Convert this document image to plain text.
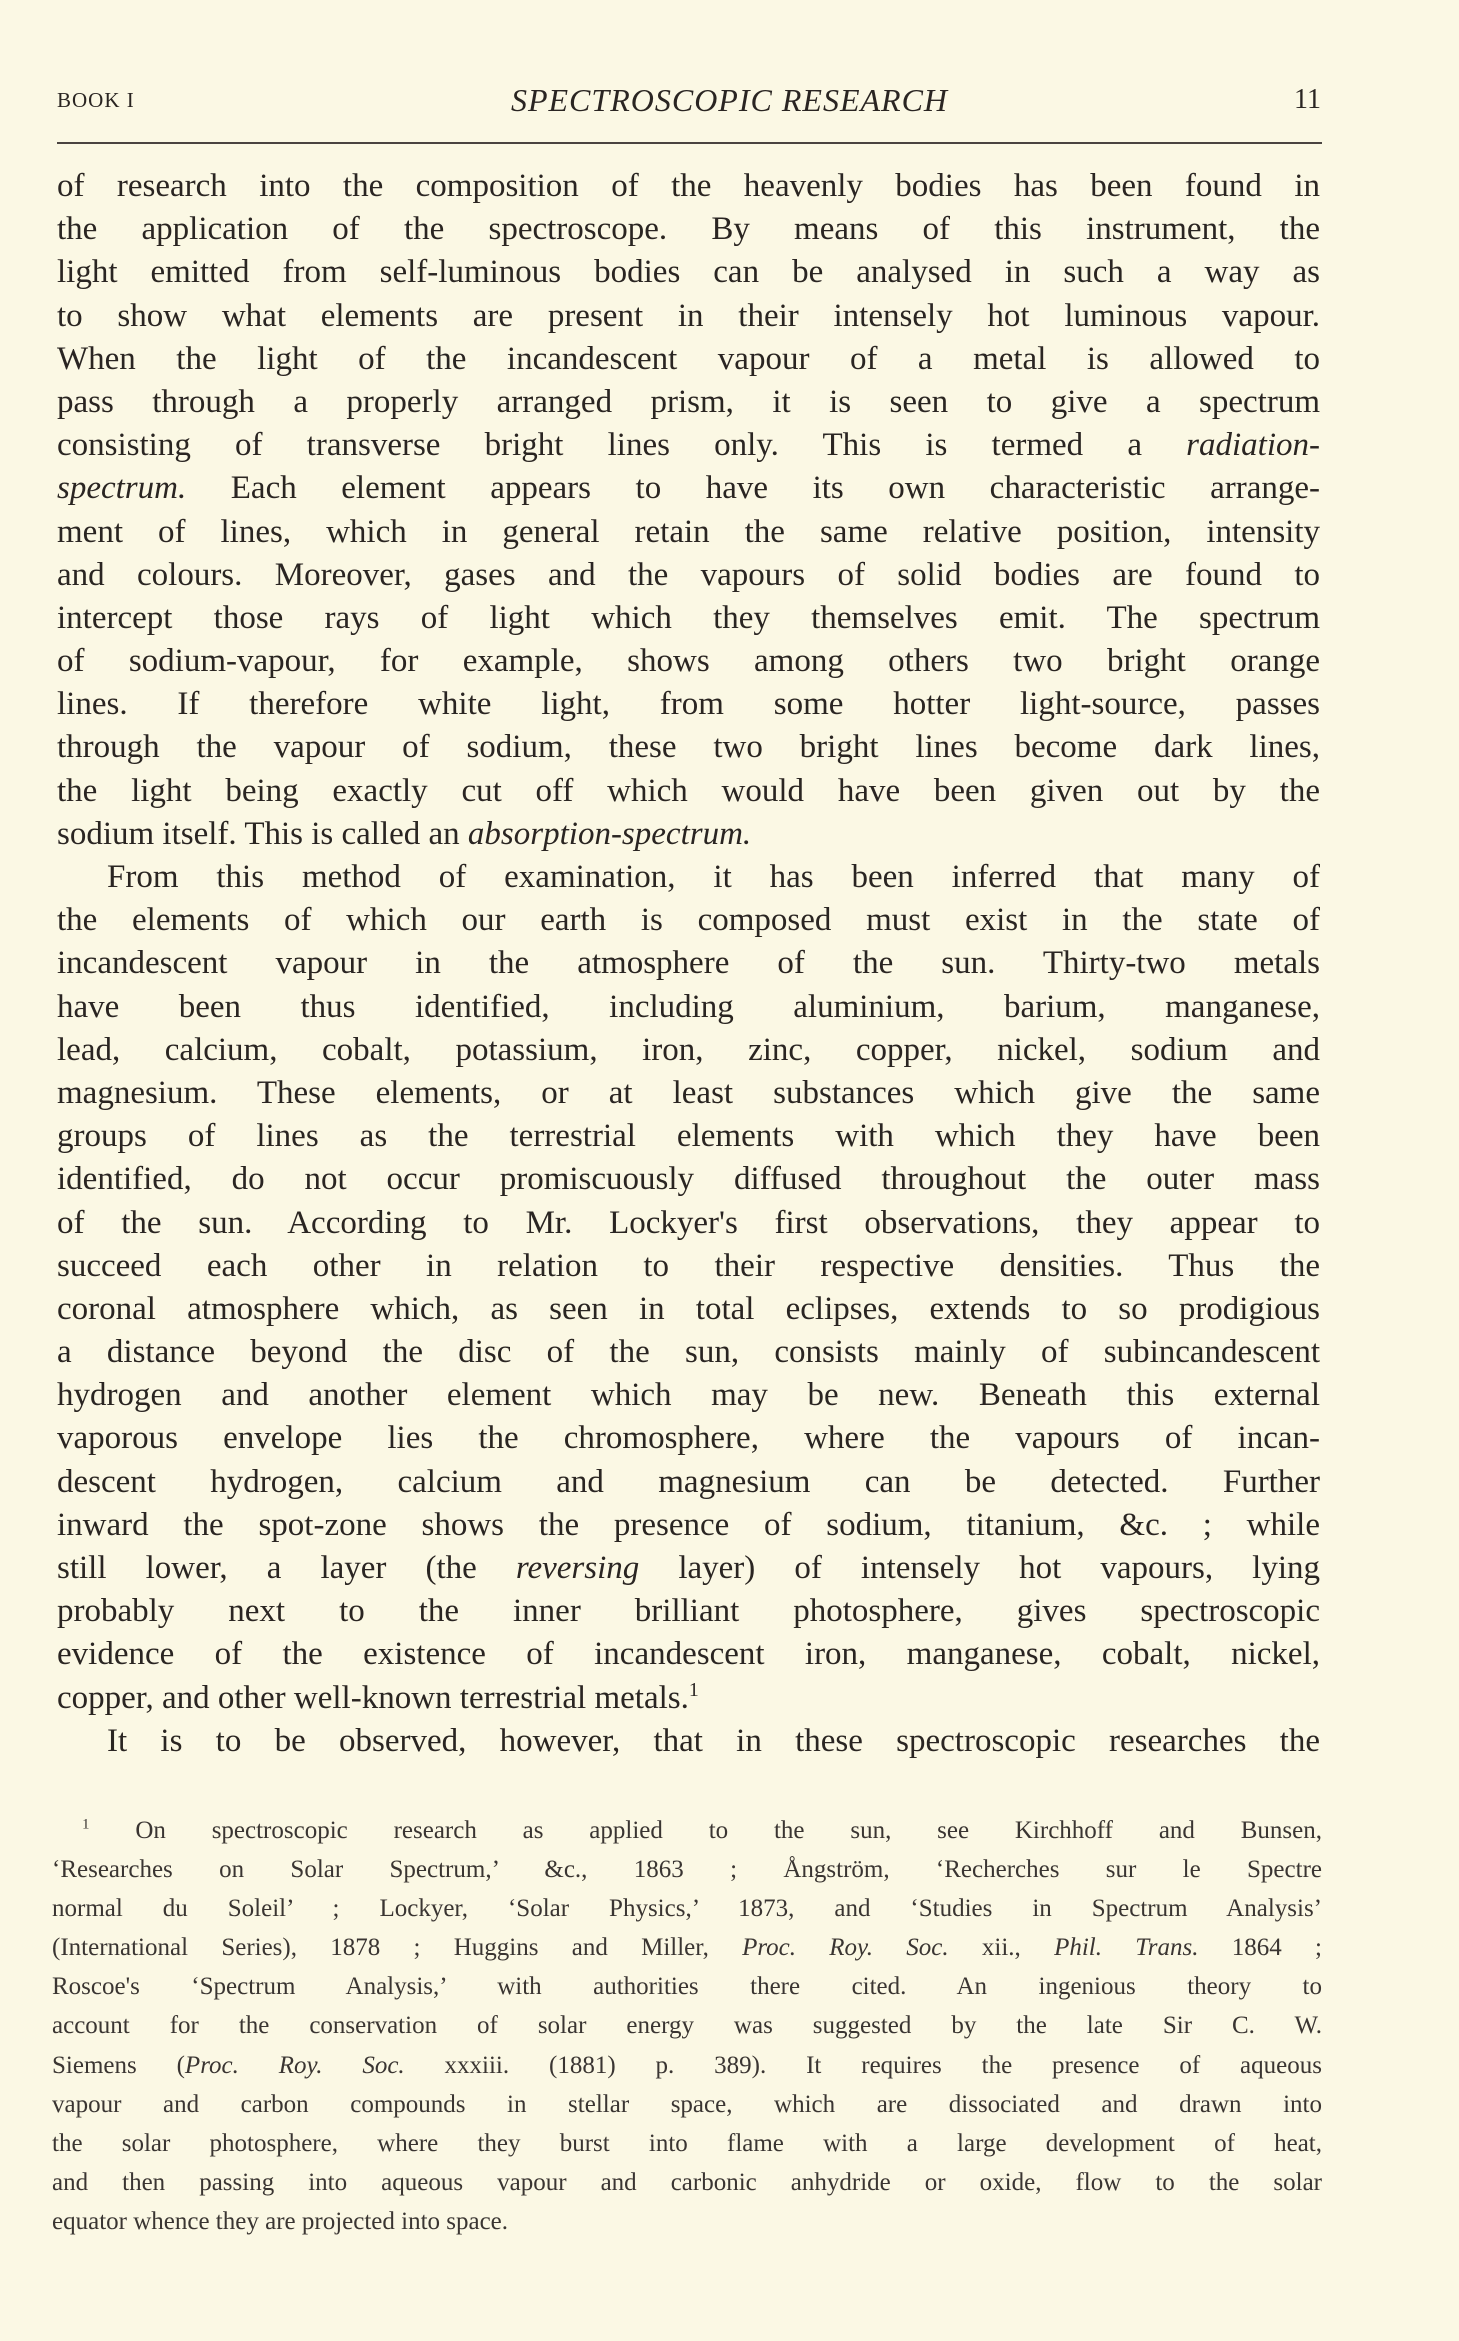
BOOK I	SPECTROSCOPIC RESEARCH	11
of research into the composition of the heavenly bodies has been found in
the application of the spectroscope. By means of this instrument, the
light emitted from self-luminous bodies can be analysed in such a way as
to show what elements are present in their intensely hot luminous vapour.
When the light of the incandescent vapour of a metal is allowed to
pass through a properly arranged prism, it is seen to give a spectrum
consisting of transverse bright lines only. This is termed a radiation-
spectrum. Each element appears to have its own characteristic arrange-
ment of lines, which in general retain the same relative position, intensity
and colours. Moreover, gases and the vapours of solid bodies are found to
intercept those rays of light which they themselves emit. The spectrum
of sodium-vapour, for example, shows among others two bright orange
lines. If therefore white light, from some hotter light-source, passes
through the vapour of sodium, these two bright lines become dark lines,
the light being exactly cut off which would have been given out by the
sodium itself. This is called an absorption-spectrum.
From this method of examination, it has been inferred that many of
the elements of which our earth is composed must exist in the state of
incandescent vapour in the atmosphere of the sun. Thirty-two metals
have been thus identified, including aluminium, barium, manganese,
lead, calcium, cobalt, potassium, iron, zinc, copper, nickel, sodium and
magnesium. These elements, or at least substances which give the same
groups of lines as the terrestrial elements with which they have been
identified, do not occur promiscuously diffused throughout the outer mass
of the sun. According to Mr. Lockyer's first observations, they appear to
succeed each other in relation to their respective densities. Thus the
coronal atmosphere which, as seen in total eclipses, extends to so prodigious
a distance beyond the disc of the sun, consists mainly of subincandescent
hydrogen and another element which may be new. Beneath this external
vaporous envelope lies the chromosphere, where the vapours of incan-
descent hydrogen, calcium and magnesium can be detected. Further
inward the spot-zone shows the presence of sodium, titanium, &c. ; while
still lower, a layer (the reversing layer) of intensely hot vapours, lying
probably next to the inner brilliant photosphere, gives spectroscopic
evidence of the existence of incandescent iron, manganese, cobalt, nickel,
copper, and other well-known terrestrial metals.$^1$
It is to be observed, however, that in these spectroscopic researches the
$^1$ On spectroscopic research as applied to the sun, see Kirchhoff and Bunsen,
‘Researches on Solar Spectrum,’ &c., 1863 ; Ångström, ‘Recherches sur le Spectre
normal du Soleil’ ; Lockyer, ‘Solar Physics,’ 1873, and ‘Studies in Spectrum Analysis’
(International Series), 1878 ; Huggins and Miller, Proc. Roy. Soc. xii., Phil. Trans. 1864 ;
Roscoe's ‘Spectrum Analysis,’ with authorities there cited. An ingenious theory to
account for the conservation of solar energy was suggested by the late Sir C. W.
Siemens (Proc. Roy. Soc. xxxiii. (1881) p. 389). It requires the presence of aqueous
vapour and carbon compounds in stellar space, which are dissociated and drawn into
the solar photosphere, where they burst into flame with a large development of heat,
and then passing into aqueous vapour and carbonic anhydride or oxide, flow to the solar
equator whence they are projected into space.
